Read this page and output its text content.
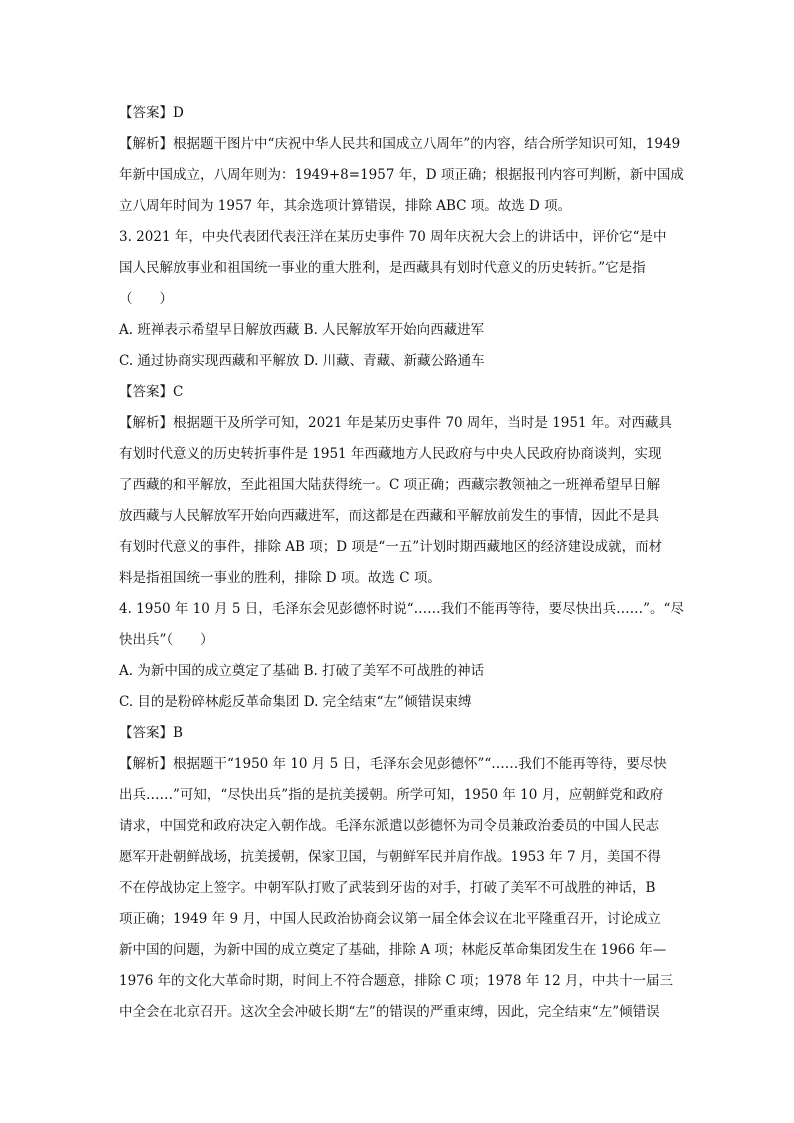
【答案】D
【解析】根据题干图片中“庆祝中华人民共和国成立八周年”的内容，结合所学知识可知，1949
年新中国成立，八周年则为：1949+8=1957 年，D 项正确；根据报刊内容可判断，新中国成
立八周年时间为 1957 年，其余选项计算错误，排除 ABC 项。故选 D 项。
3. 2021 年，中央代表团代表汪洋在某历史事件 70 周年庆祝大会上的讲话中，评价它“是中
国人民解放事业和祖国统一事业的重大胜利，是西藏具有划时代意义的历史转折。”它是指
（　　）
A. 班禅表示希望早日解放西藏 B. 人民解放军开始向西藏进军
C. 通过协商实现西藏和平解放 D. 川藏、青藏、新藏公路通车
【答案】C
【解析】根据题干及所学可知，2021 年是某历史事件 70 周年，当时是 1951 年。对西藏具
有划时代意义的历史转折事件是 1951 年西藏地方人民政府与中央人民政府协商谈判，实现
了西藏的和平解放，至此祖国大陆获得统一。C 项正确；西藏宗教领袖之一班禅希望早日解
放西藏与人民解放军开始向西藏进军，而这都是在西藏和平解放前发生的事情，因此不是具
有划时代意义的事件，排除 AB 项；D 项是“一五”计划时期西藏地区的经济建设成就，而材
料是指祖国统一事业的胜利，排除 D 项。故选 C 项。
4. 1950 年 10 月 5 日，毛泽东会见彭德怀时说“……我们不能再等待，要尽快出兵……”。“尽
快出兵”（　　）
A. 为新中国的成立奠定了基础 B. 打破了美军不可战胜的神话
C. 目的是粉碎林彪反革命集团 D. 完全结束“左”倾错误束缚
【答案】B
【解析】根据题干“1950 年 10 月 5 日，毛泽东会见彭德怀”“……我们不能再等待，要尽快
出兵……”可知，“尽快出兵”指的是抗美援朝。所学可知，1950 年 10 月，应朝鲜党和政府
请求，中国党和政府决定入朝作战。毛泽东派遣以彭德怀为司令员兼政治委员的中国人民志
愿军开赴朝鲜战场，抗美援朝，保家卫国，与朝鲜军民并肩作战。1953 年 7 月，美国不得
不在停战协定上签字。中朝军队打败了武装到牙齿的对手，打破了美军不可战胜的神话，B
项正确；1949 年 9 月，中国人民政治协商会议第一届全体会议在北平隆重召开，讨论成立
新中国的问题，为新中国的成立奠定了基础，排除 A 项；林彪反革命集团发生在 1966 年—
1976 年的文化大革命时期，时间上不符合题意，排除 C 项；1978 年 12 月，中共十一届三
中全会在北京召开。这次全会冲破长期“左”的错误的严重束缚，因此，完全结束“左”倾错误
